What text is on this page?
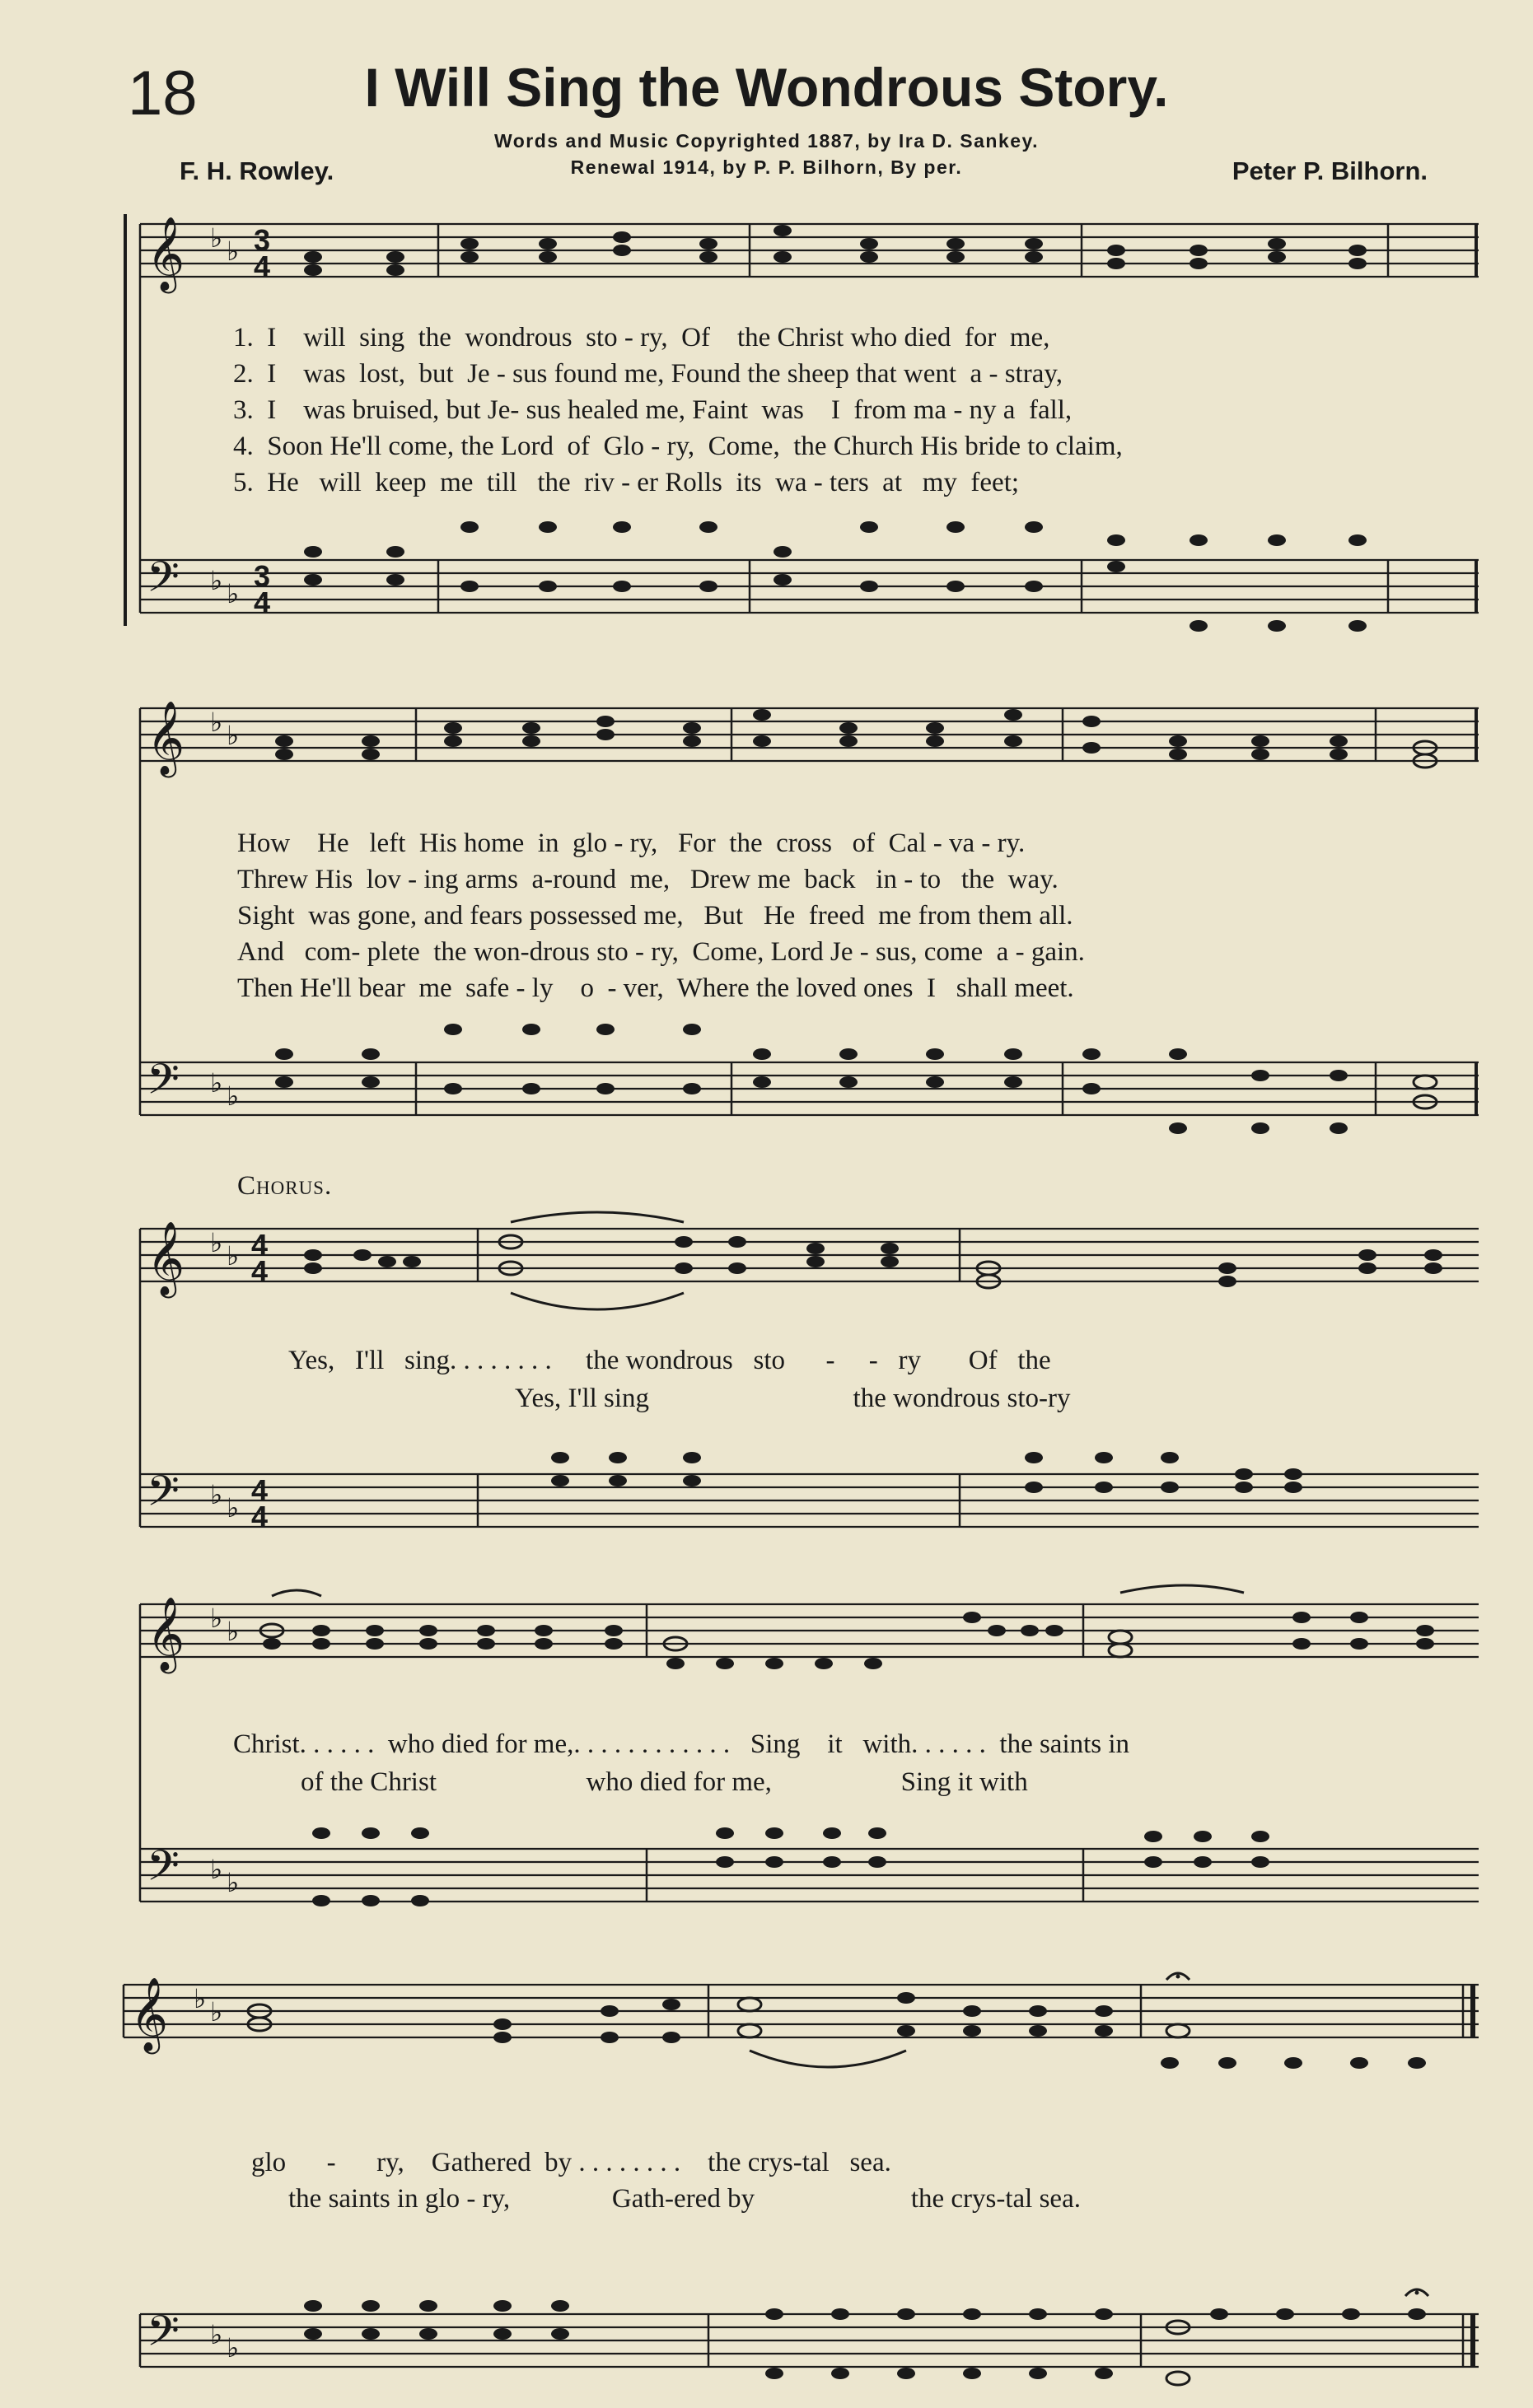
18	I Will Sing the Wondrous Story.
Words and Music Copyrighted 1887, by Ira D. Sankey.
Renewal 1914, by P. P. Bilhorn, By per.
F. H. Rowley.	Peter P. Bilhorn.
𝄞
𝄢
♭ ♭
♭ ♭
3
4
3
4
1.  I    will  sing  the  wondrous  sto - ry,  Of    the Christ who died  for  me,
2.  I    was  lost,  but  Je - sus found me, Found the sheep that went  a - stray,
3.  I    was bruised, but Je- sus healed me, Faint  was    I  from ma - ny a  fall,
4.  Soon He'll come, the Lord  of  Glo - ry,  Come,  the Church His bride to claim,
5.  He   will  keep  me  till   the  riv - er Rolls  its  wa - ters  at   my  feet;
𝄞
𝄢
♭ ♭
♭ ♭
How    He   left  His home  in  glo - ry,   For  the  cross   of  Cal - va - ry.
Threw His  lov - ing arms  a-round  me,   Drew me  back   in - to   the  way.
Sight  was gone, and fears possessed me,   But   He  freed  me from them all.
And   com- plete  the won-drous sto - ry,  Come, Lord Je - sus, come  a - gain.
Then He'll bear  me  safe - ly    o  - ver,  Where the loved ones  I   shall meet.
Chorus.
𝄞
𝄢
♭ ♭
♭ ♭
4
4
4
4
Yes,   I'll   sing. . . . . . . .     the wondrous   sto      -     -   ry       Of   the
Yes, I'll sing                              the wondrous sto-ry
𝄞
𝄢
♭ ♭
♭ ♭
Christ. . . . . .  who died for me,. . . . . . . . . . . .   Sing    it   with. . . . . .  the saints in
of the Christ                      who died for me,                   Sing it with
𝄞
𝄢
♭ ♭
♭ ♭
glo      -      ry,    Gathered  by . . . . . . . .    the crys-tal   sea.
the saints in glo - ry,               Gath-ered by                       the crys-tal sea.
